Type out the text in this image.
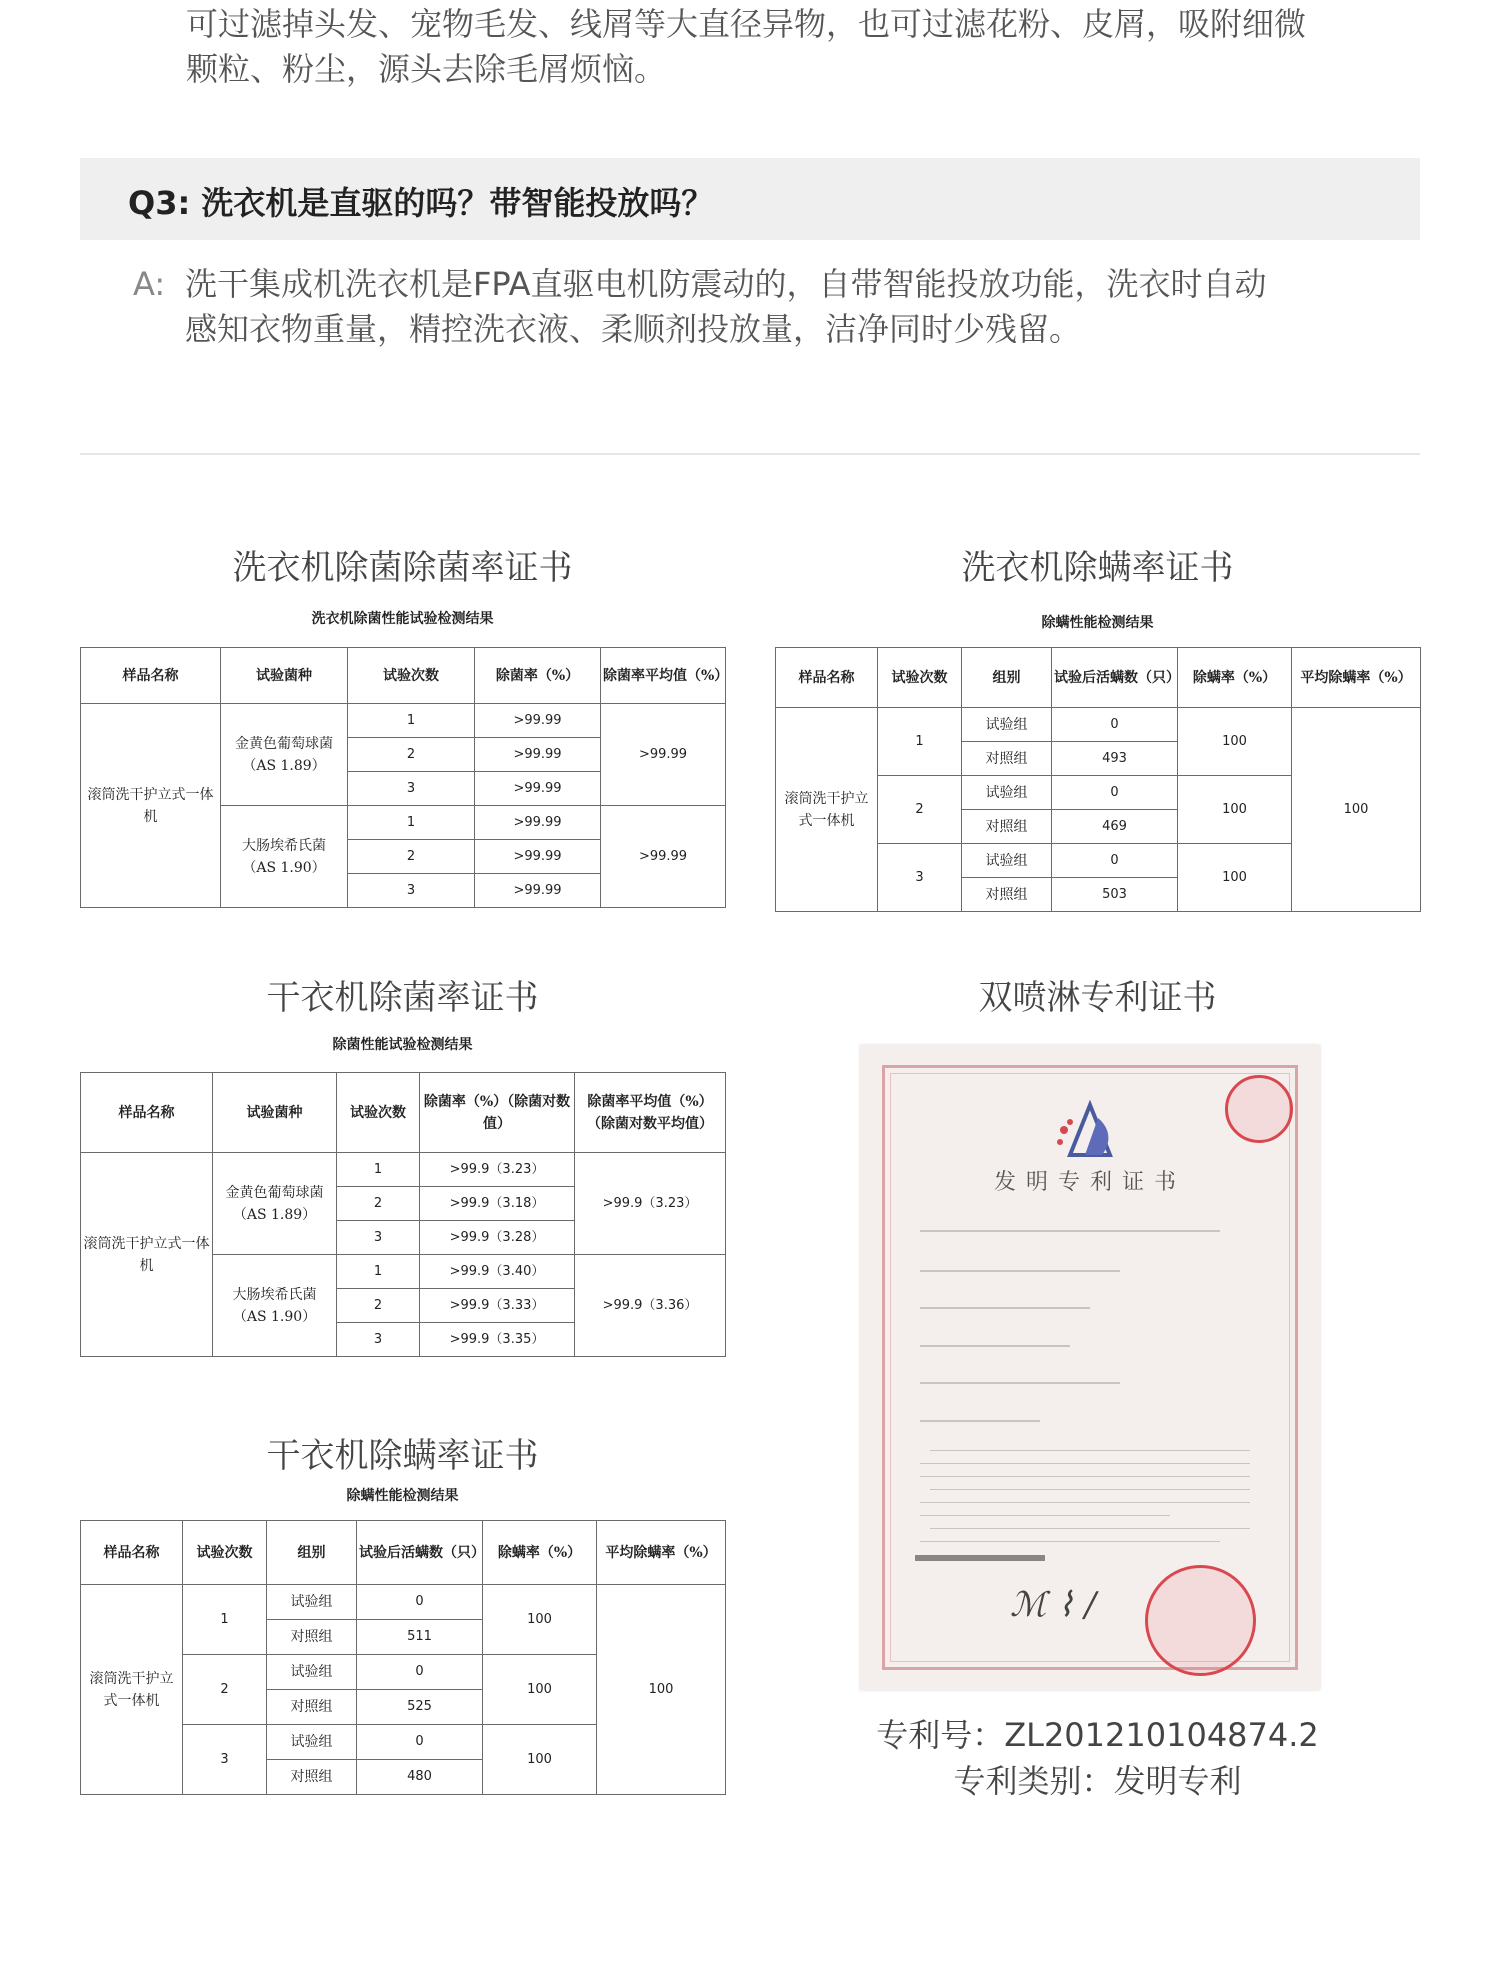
可过滤掉头发、宠物毛发、线屑等大直径异物，也可过滤花粉、皮屑，吸附细微
颗粒、粉尘，源头去除毛屑烦恼。
Q3: 洗衣机是直驱的吗？带智能投放吗？
A: 洗干集成机洗衣机是FPA直驱电机防震动的，自带智能投放功能，洗衣时自动
感知衣物重量，精控洗衣液、柔顺剂投放量，洁净同时少残留。
洗衣机除菌除菌率证书
洗衣机除菌性能试验检测结果
样品名称	试验菌种	试验次数	除菌率（%）	除菌率平均值（%）
滚筒洗干护立式一体机	金黄色葡萄球菌
（AS 1.89）	1	>99.99	>99.99
		2	>99.99	
		3	>99.99	

	大肠埃希氏菌
（AS 1.90）	1	>99.99	>99.99
		2	>99.99	
		3	>99.99	
洗衣机除螨率证书
除螨性能检测结果
样品名称	试验次数	组别	试验后活螨数（只）	除螨率（%）	平均除螨率（%）
滚筒洗干护立式一体机	1	试验组	0	100	100
		对照组	493		
	2	试验组	0	100	
		对照组	469		
	3	试验组	0	100	
		对照组	503		
干衣机除菌率证书
除菌性能试验检测结果
样品名称	试验菌种	试验次数	除菌率（%）（除菌对数值）	除菌率平均值（%）（除菌对数平均值）
滚筒洗干护立式一体机	金黄色葡萄球菌
（AS 1.89）	1	>99.9（3.23）	>99.9（3.23）
		2	>99.9（3.18）	
		3	>99.9（3.28）	

	大肠埃希氏菌
（AS 1.90）	1	>99.9（3.40）	>99.9（3.36）
		2	>99.9（3.33）	
		3	>99.9（3.35）	
干衣机除螨率证书
除螨性能检测结果
样品名称	试验次数	组别	试验后活螨数（只）	除螨率（%）	平均除螨率（%）
滚筒洗干护立式一体机	1	试验组	0	100	100
		对照组	511		
	2	试验组	0	100	
		对照组	525		
	3	试验组	0	100	
		对照组	480		
双喷淋专利证书
发明专利证书
ℳ ⌇ ∕
专利号：ZL201210104874.2
专利类别：发明专利
